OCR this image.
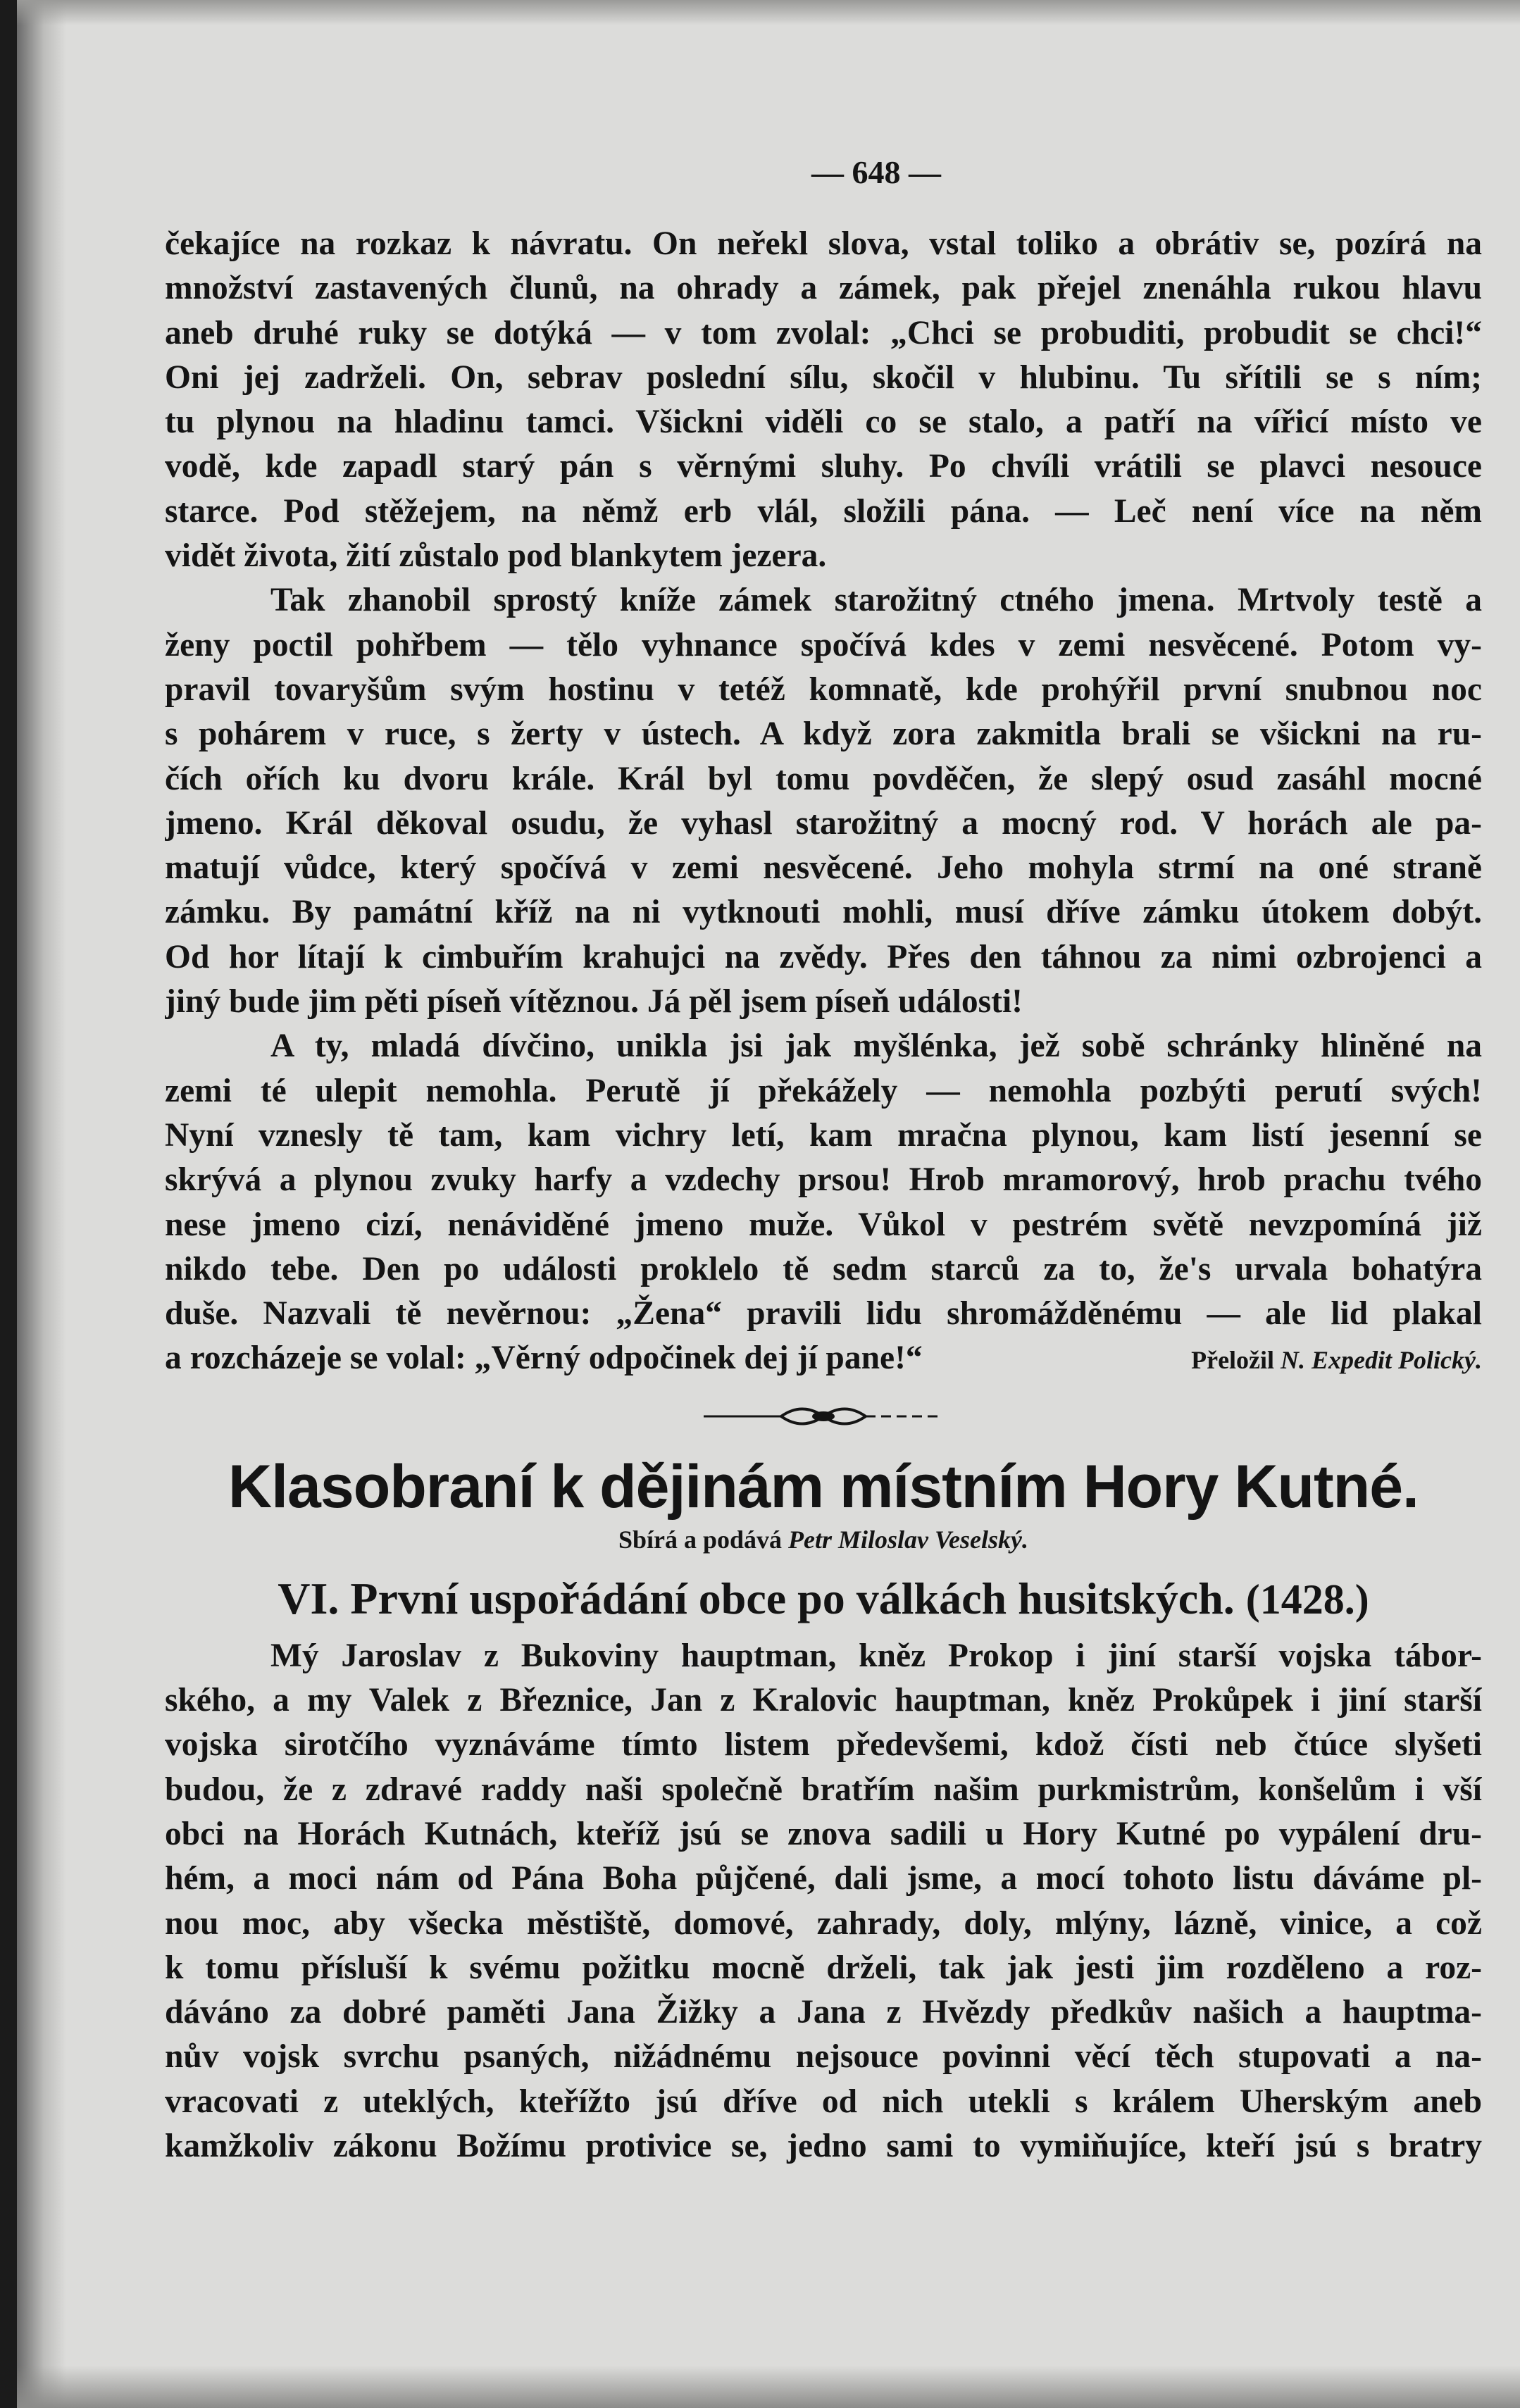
— 648 —
čekajíce na rozkaz k návratu. On neřekl slova, vstal toliko a obrátiv se, pozírá na
množství zastavených člunů, na ohrady a zámek, pak přejel znenáhla rukou hlavu
aneb druhé ruky se dotýká — v tom zvolal: „Chci se probuditi, probudit se chci!“
Oni jej zadrželi. On, sebrav poslední sílu, skočil v hlubinu. Tu sřítili se s ním;
tu plynou na hladinu tamci. Všickni viděli co se stalo, a patří na vířicí místo ve
vodě, kde zapadl starý pán s věrnými sluhy. Po chvíli vrátili se plavci nesouce
starce. Pod stěžejem, na němž erb vlál, složili pána. — Leč není více na něm
vidět života, žití zůstalo pod blankytem jezera.
Tak zhanobil sprostý kníže zámek starožitný ctného jmena. Mrtvoly testě a
ženy poctil pohřbem — tělo vyhnance spočívá kdes v zemi nesvěcené. Potom vy-
pravil tovaryšům svým hostinu v tetéž komnatě, kde prohýřil první snubnou noc
s pohárem v ruce, s žerty v ústech. A když zora zakmitla brali se všickni na ru-
čích ořích ku dvoru krále. Král byl tomu povděčen, že slepý osud zasáhl mocné
jmeno. Král děkoval osudu, že vyhasl starožitný a mocný rod. V horách ale pa-
matují vůdce, který spočívá v zemi nesvěcené. Jeho mohyla strmí na oné straně
zámku. By památní kříž na ni vytknouti mohli, musí dříve zámku útokem dobýt.
Od hor lítají k cimbuřím krahujci na zvědy. Přes den táhnou za nimi ozbrojenci a
jiný bude jim pěti píseň vítěznou. Já pěl jsem píseň události!
A ty, mladá dívčino, unikla jsi jak myšlénka, jež sobě schránky hliněné na
zemi té ulepit nemohla. Perutě jí překážely — nemohla pozbýti perutí svých!
Nyní vznesly tě tam, kam vichry letí, kam mračna plynou, kam listí jesenní se
skrývá a plynou zvuky harfy a vzdechy prsou! Hrob mramorový, hrob prachu tvého
nese jmeno cizí, nenáviděné jmeno muže. Vůkol v pestrém světě nevzpomíná již
nikdo tebe. Den po události proklelo tě sedm starců za to, že's urvala bohatýra
duše. Nazvali tě nevěrnou: „Žena“ pravili lidu shromážděnému — ale lid plakal
a rozcházeje se volal: „Věrný odpočinek dej jí pane!“	Přeložil N. Expedit Polický.
Klasobraní k dějinám místním Hory Kutné.
Sbírá a podává Petr Miloslav Veselský.
VI. První uspořádání obce po válkách husitských. (1428.)
Mý Jaroslav z Bukoviny hauptman, kněz Prokop i jiní starší vojska tábor-
ského, a my Valek z Březnice, Jan z Kralovic hauptman, kněz Prokůpek i jiní starší
vojska sirotčího vyznáváme tímto listem předevšemi, kdož čísti neb čtúce slyšeti
budou, že z zdravé raddy naši společně bratřím našim purkmistrům, konšelům i vší
obci na Horách Kutnách, kteříž jsú se znova sadili u Hory Kutné po vypálení dru-
hém, a moci nám od Pána Boha půjčené, dali jsme, a mocí tohoto listu dáváme pl-
nou moc, aby všecka městiště, domové, zahrady, doly, mlýny, lázně, vinice, a což
k tomu přísluší k svému požitku mocně drželi, tak jak jesti jim rozděleno a roz-
dáváno za dobré paměti Jana Žižky a Jana z Hvězdy předkův našich a hauptma-
nův vojsk svrchu psaných, nižádnému nejsouce povinni věcí těch stupovati a na-
vracovati z uteklých, kteřížto jsú dříve od nich utekli s králem Uherským aneb
kamžkoliv zákonu Božímu protivice se, jedno sami to vymiňujíce, kteří jsú s bratry
